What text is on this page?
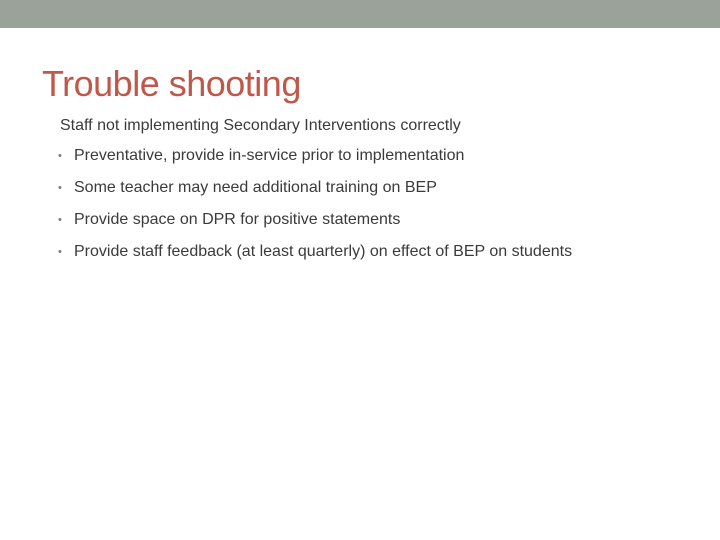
Trouble shooting
Staff not implementing Secondary Interventions correctly
• Preventative, provide in-service prior to implementation
• Some teacher may need additional training on BEP
• Provide space on DPR for positive statements
• Provide staff feedback (at least quarterly) on effect of BEP on students
